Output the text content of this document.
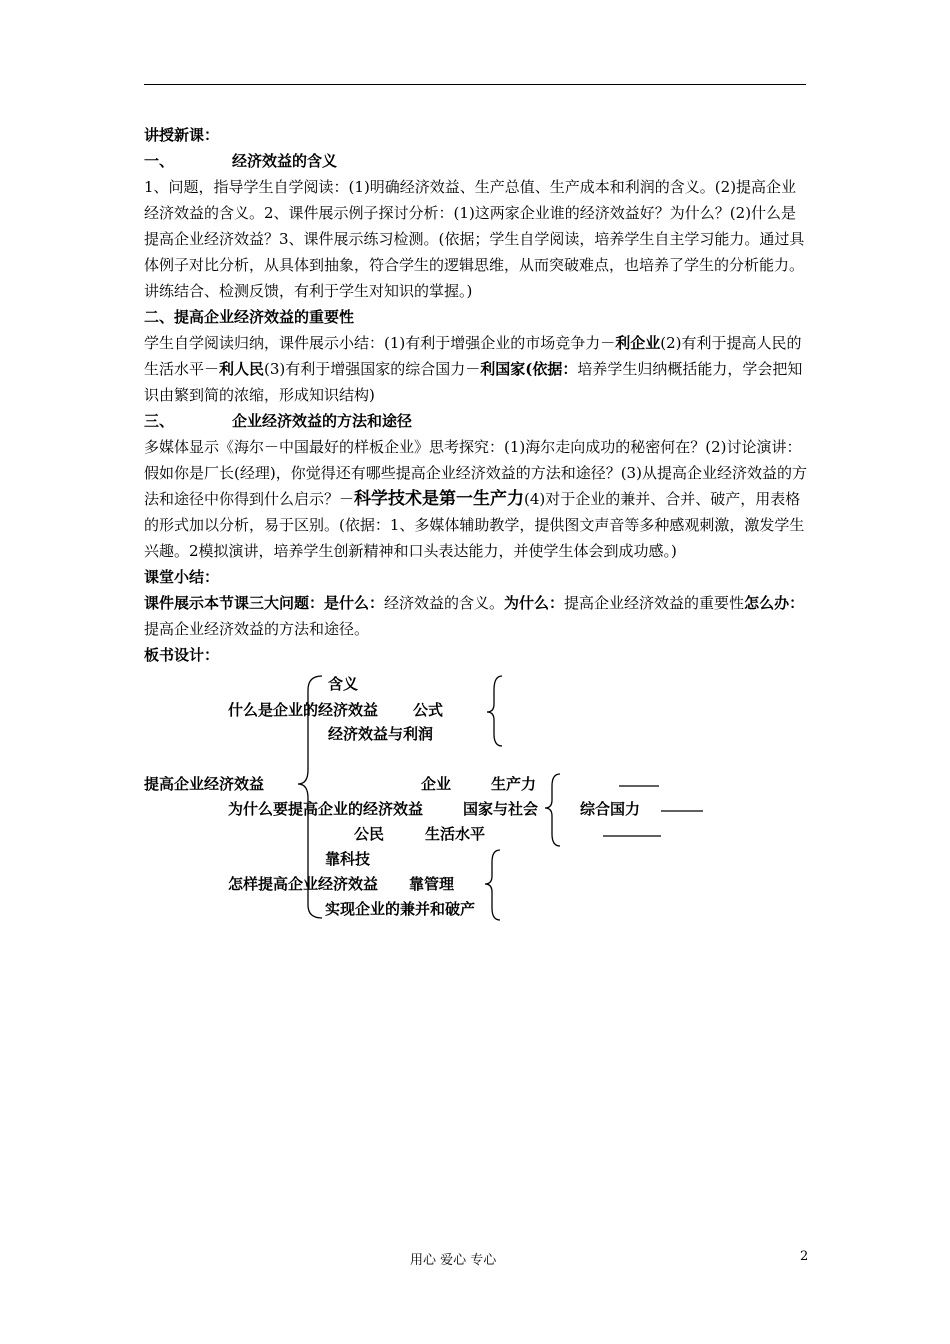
讲授新课：

一、	经济效益的含义

1、问题，指导学生自学阅读：(1)明确经济效益、生产总值、生产成本和利润的含义。(2)提高企业经济效益的含义。2、课件展示例子探讨分析：(1)这两家企业谁的经济效益好？为什么？(2)什么是提高企业经济效益？3、课件展示练习检测。(依据；学生自学阅读，培养学生自主学习能力。通过具体例子对比分析，从具体到抽象，符合学生的逻辑思维，从而突破难点，也培养了学生的分析能力。讲练结合、检测反馈，有利于学生对知识的掌握。)

二、提高企业经济效益的重要性

学生自学阅读归纳，课件展示小结：(1)有利于增强企业的市场竞争力－利企业(2)有利于提高人民的生活水平－利人民(3)有利于增强国家的综合国力－利国家(依据：培养学生归纳概括能力，学会把知识由繁到简的浓缩，形成知识结构)

三、	企业经济效益的方法和途径

多媒体显示《海尔－中国最好的样板企业》思考探究：(1)海尔走向成功的秘密何在？(2)讨论演讲：假如你是厂长(经理)，你觉得还有哪些提高企业经济效益的方法和途径？(3)从提高企业经济效益的方法和途径中你得到什么启示？－科学技术是第一生产力(4)对于企业的兼并、合并、破产，用表格的形式加以分析，易于区别。(依据：1、多媒体辅助教学，提供图文声音等多种感观刺激，激发学生兴趣。2模拟演讲，培养学生创新精神和口头表达能力，并使学生体会到成功感。)

课堂小结：

课件展示本节课三大问题：是什么：经济效益的含义。为什么：提高企业经济效益的重要性怎么办：提高企业经济效益的方法和途径。

板书设计：

含义
什么是企业的经济效益 公式
经济效益与利润
提高企业经济效益	企业	生产力
为什么要提高企业的经济效益	国家与社会	综合国力
公民	生活水平
靠科技
怎样提高企业经济效益 靠管理
实现企业的兼并和破产
用心 爱心 专心	2
